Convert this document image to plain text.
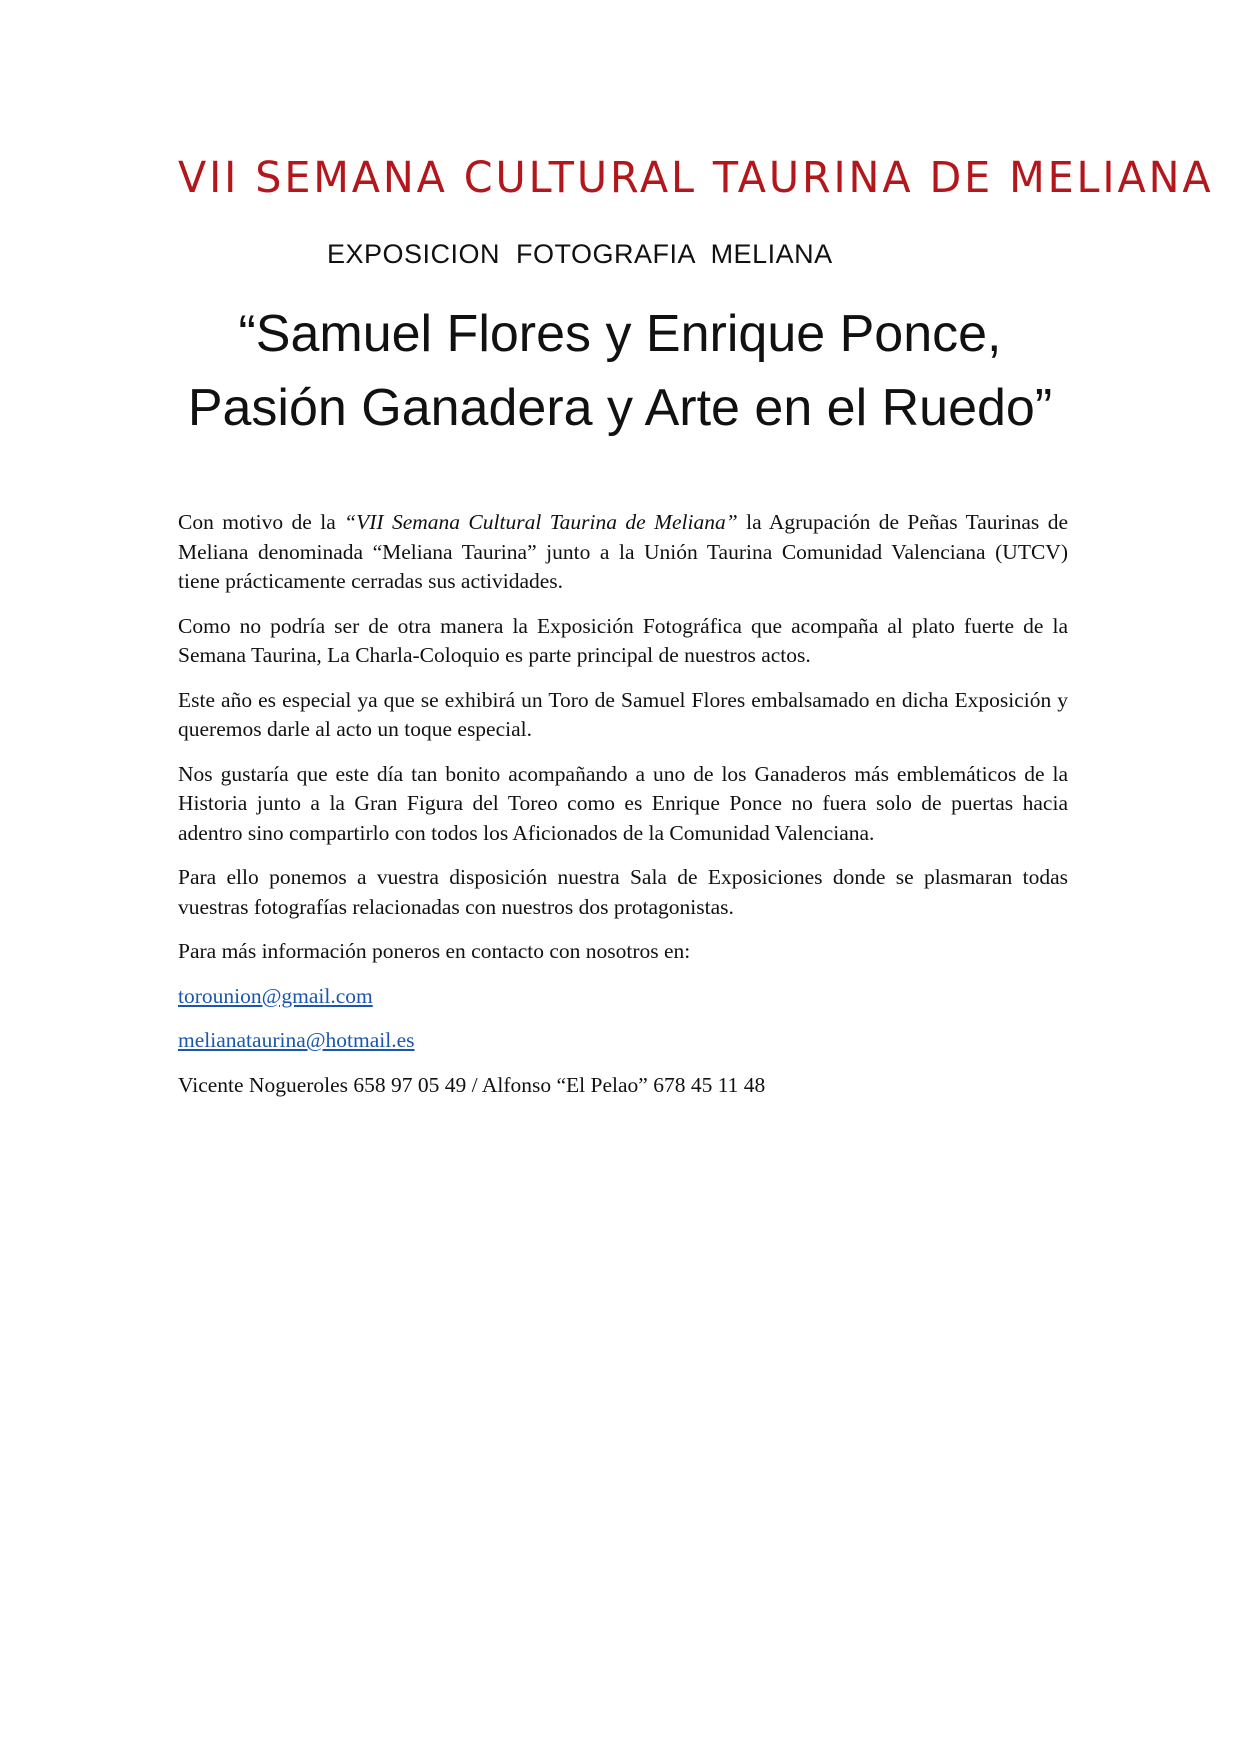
VII SEMANA CULTURAL TAURINA DE MELIANA
EXPOSICION FOTOGRAFIA MELIANA
“Samuel Flores y Enrique Ponce,
Pasión Ganadera y Arte en el Ruedo”

Con motivo de la “VII Semana Cultural Taurina de Meliana” la Agrupación de Peñas Taurinas de Meliana denominada “Meliana Taurina” junto a la Unión Taurina Comunidad Valenciana (UTCV) tiene prácticamente cerradas sus actividades.

Como no podría ser de otra manera la Exposición Fotográfica que acompaña al plato fuerte de la Semana Taurina, La Charla-Coloquio es parte principal de nuestros actos.

Este año es especial ya que se exhibirá un Toro de Samuel Flores embalsamado en dicha Exposición y queremos darle al acto un toque especial.

Nos gustaría que este día tan bonito acompañando a uno de los Ganaderos más emblemáticos de la Historia junto a la Gran Figura del Toreo como es Enrique Ponce no fuera solo de puertas hacia adentro sino compartirlo con todos los Aficionados de la Comunidad Valenciana.

Para ello ponemos a vuestra disposición nuestra Sala de Exposiciones donde se plasmaran todas vuestras fotografías relacionadas con nuestros dos protagonistas.

Para más información poneros en contacto con nosotros en:

torounion@gmail.com

melianataurina@hotmail.es

Vicente Nogueroles 658 97 05 49 / Alfonso “El Pelao” 678 45 11 48
